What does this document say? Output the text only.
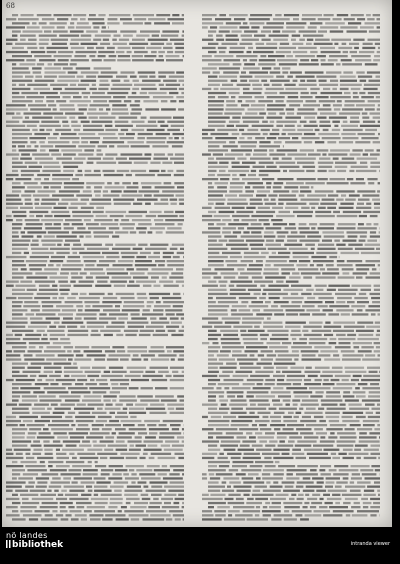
68
nö landes
bibliothek	intranda viewer
